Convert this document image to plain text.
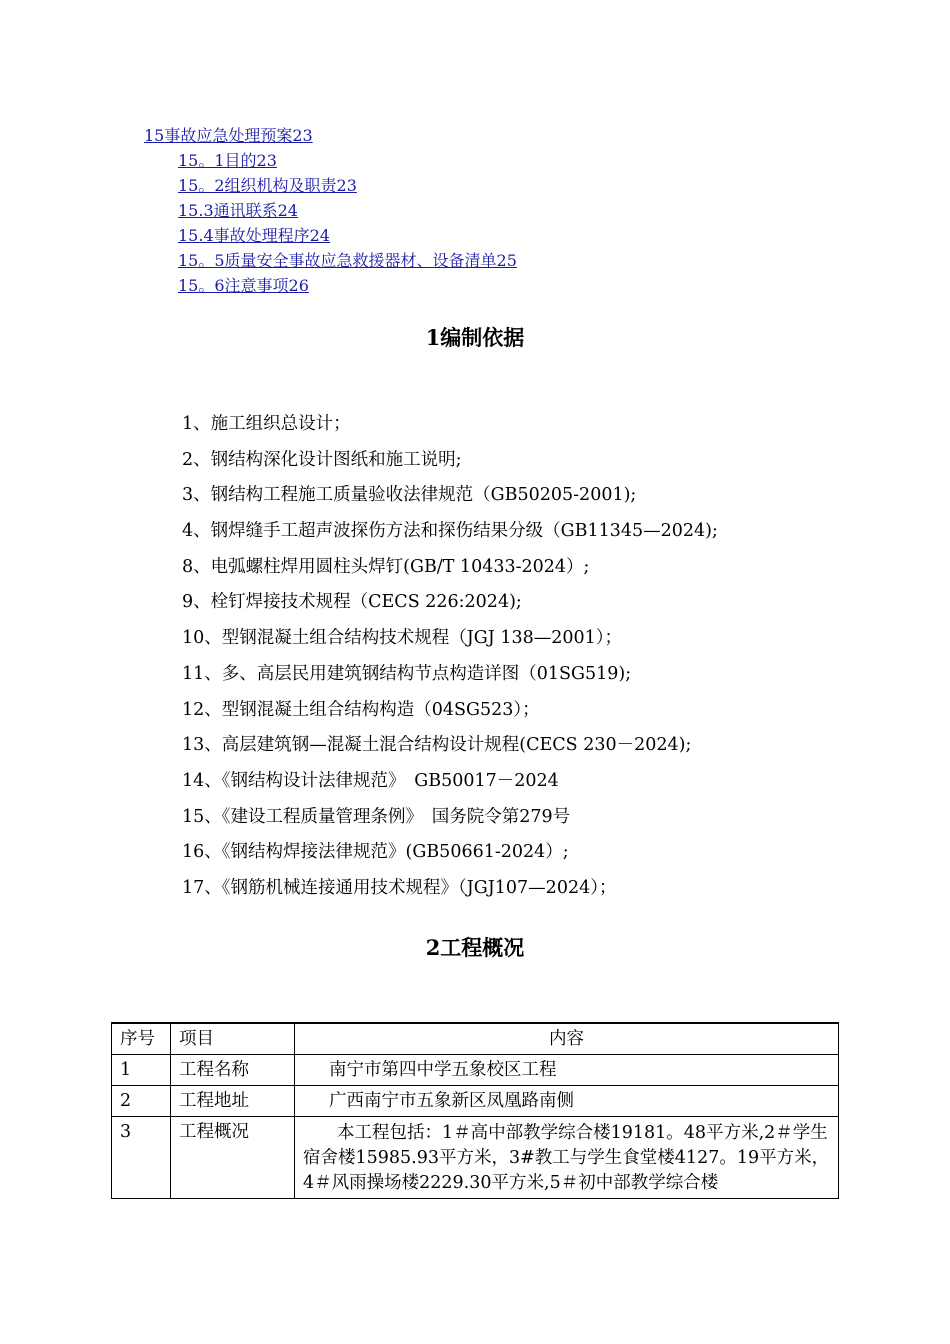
15事故应急处理预案23
15。1目的23
15。2组织机构及职责23
15.3通讯联系24
15.4事故处理程序24
15。5质量安全事故应急救援器材、设备清单25
15。6注意事项26
1编制依据
1、施工组织总设计；
2、钢结构深化设计图纸和施工说明;
3、钢结构工程施工质量验收法律规范（GB50205-2001);
4、钢焊缝手工超声波探伤方法和探伤结果分级（GB11345—2024);
8、电弧螺柱焊用圆柱头焊钉(GB/T 10433-2024）;
9、栓钉焊接技术规程（CECS 226:2024);
10、型钢混凝土组合结构技术规程（JGJ 138—2001）；
11、多、高层民用建筑钢结构节点构造详图（01SG519);
12、型钢混凝土组合结构构造（04SG523）；
13、高层建筑钢—混凝土混合结构设计规程(CECS 230－2024);
14、《钢结构设计法律规范》　GB50017－2024
15、《建设工程质量管理条例》　国务院令第279号
16、《钢结构焊接法律规范》(GB50661-2024）;
17、《钢筋机械连接通用技术规程》（JGJ107—2024）；
2工程概况
序号	项目	内容
1	工程名称	南宁市第四中学五象校区工程
2	工程地址	广西南宁市五象新区凤凰路南侧
3	工程概况	本工程包括：1＃高中部教学综合楼19181。48平方米,2＃学生宿舍楼15985.93平方米，3#教工与学生食堂楼4127。19平方米，4＃风雨操场楼2229.30平方米,5＃初中部教学综合楼
